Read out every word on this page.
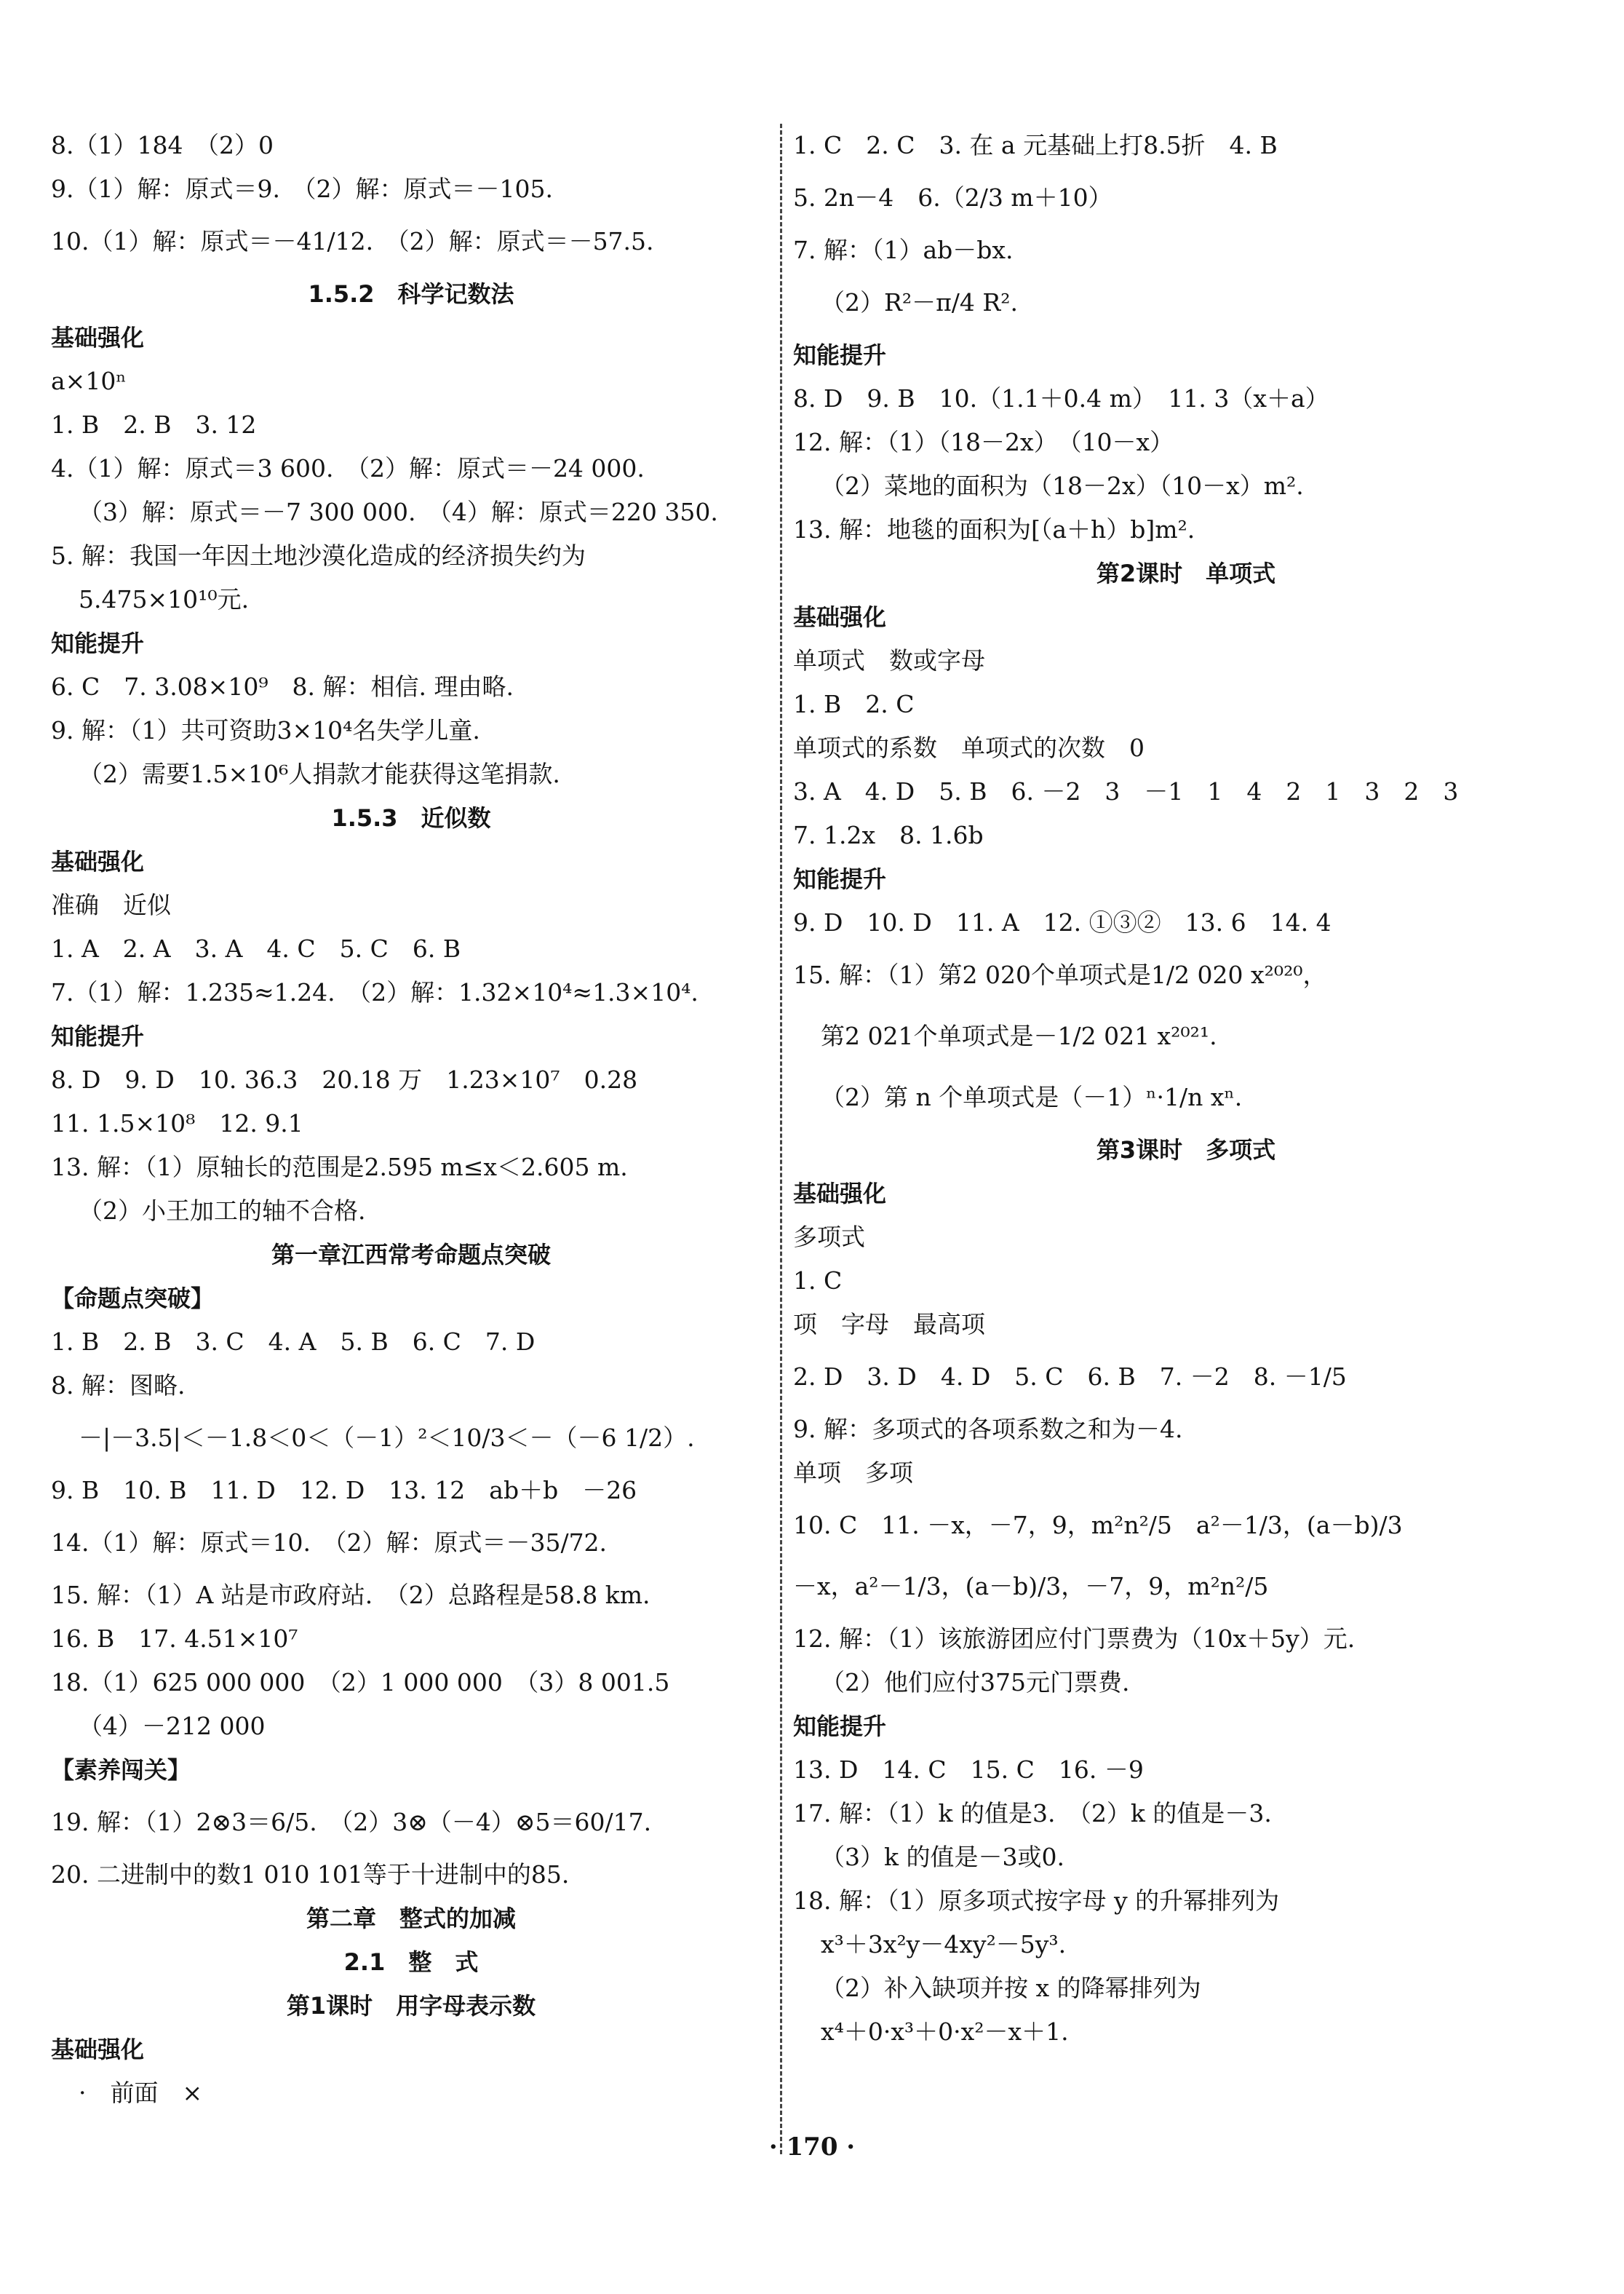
8.（1）184　（2）0
9.（1）解：原式＝9.　（2）解：原式＝－105.
10.（1）解：原式＝－41/12.　（2）解：原式＝－57.5.
1.5.2　科学记数法
基础强化
a×10ⁿ
1. B　2. B　3. 12
4.（1）解：原式＝3 600.　（2）解：原式＝－24 000.
（3）解：原式＝－7 300 000.　（4）解：原式＝220 350.
5. 解：我国一年因土地沙漠化造成的经济损失约为
5.475×10¹⁰元.
知能提升
6. C　7. 3.08×10⁹　8. 解：相信. 理由略.
9. 解：（1）共可资助3×10⁴名失学儿童.
（2）需要1.5×10⁶人捐款才能获得这笔捐款.
1.5.3　近似数
基础强化
准确　近似
1. A　2. A　3. A　4. C　5. C　6. B
7.（1）解：1.235≈1.24.　（2）解：1.32×10⁴≈1.3×10⁴.
知能提升
8. D　9. D　10. 36.3　20.18 万　1.23×10⁷　0.28
11. 1.5×10⁸　12. 9.1
13. 解：（1）原轴长的范围是2.595 m≤x＜2.605 m.
（2）小王加工的轴不合格.
第一章江西常考命题点突破
【命题点突破】
1. B　2. B　3. C　4. A　5. B　6. C　7. D
8. 解：图略.
－|－3.5|＜－1.8＜0＜（－1）²＜10/3＜－（－6 1/2）.
9. B　10. B　11. D　12. D　13. 12　ab＋b　－26
14.（1）解：原式＝10.　（2）解：原式＝－35/72.
15. 解：（1）A 站是市政府站.　（2）总路程是58.8 km.
16. B　17. 4.51×10⁷
18.（1）625 000 000　（2）1 000 000　（3）8 001.5
（4）－212 000
【素养闯关】
19. 解：（1）2⊗3＝6/5.　（2）3⊗（－4）⊗5＝60/17.
20. 二进制中的数1 010 101等于十进制中的85.
第二章　整式的加减
2.1　整　式
第1课时　用字母表示数
基础强化
·　前面　×
1. C　2. C　3. 在 a 元基础上打8.5折　4. B
5. 2n－4　6.（2/3 m＋10）
7. 解：（1）ab－bx.
（2）R²－π/4 R².
知能提升
8. D　9. B　10.（1.1＋0.4 m）　11. 3（x＋a）
12. 解：（1）（18－2x）　（10－x）
（2）菜地的面积为（18－2x）（10－x）m².
13. 解：地毯的面积为[（a＋h）b]m².
第2课时　单项式
基础强化
单项式　数或字母
1. B　2. C
单项式的系数　单项式的次数　0
3. A　4. D　5. B　6. －2　3　－1　1　4　2　1　3　2　3
7. 1.2x　8. 1.6b
知能提升
9. D　10. D　11. A　12. ①③②　13. 6　14. 4
15. 解：（1）第2 020个单项式是1/2 020 x²⁰²⁰，
第2 021个单项式是－1/2 021 x²⁰²¹.
（2）第 n 个单项式是（－1）ⁿ·1/n xⁿ.
第3课时　多项式
基础强化
多项式
1. C
项　字母　最高项
2. D　3. D　4. D　5. C　6. B　7. －2　8. －1/5
9. 解：多项式的各项系数之和为－4.
单项　多项
10. C　11. －x，－7，9，m²n²/5　a²－1/3，(a－b)/3
－x，a²－1/3，(a－b)/3，－7，9，m²n²/5
12. 解：（1）该旅游团应付门票费为（10x＋5y）元.
（2）他们应付375元门票费.
知能提升
13. D　14. C　15. C　16. －9
17. 解：（1）k 的值是3.　（2）k 的值是－3.
（3）k 的值是－3或0.
18. 解：（1）原多项式按字母 y 的升幂排列为
x³＋3x²y－4xy²－5y³.
（2）补入缺项并按 x 的降幂排列为
x⁴＋0·x³＋0·x²－x＋1.
· 170 ·
